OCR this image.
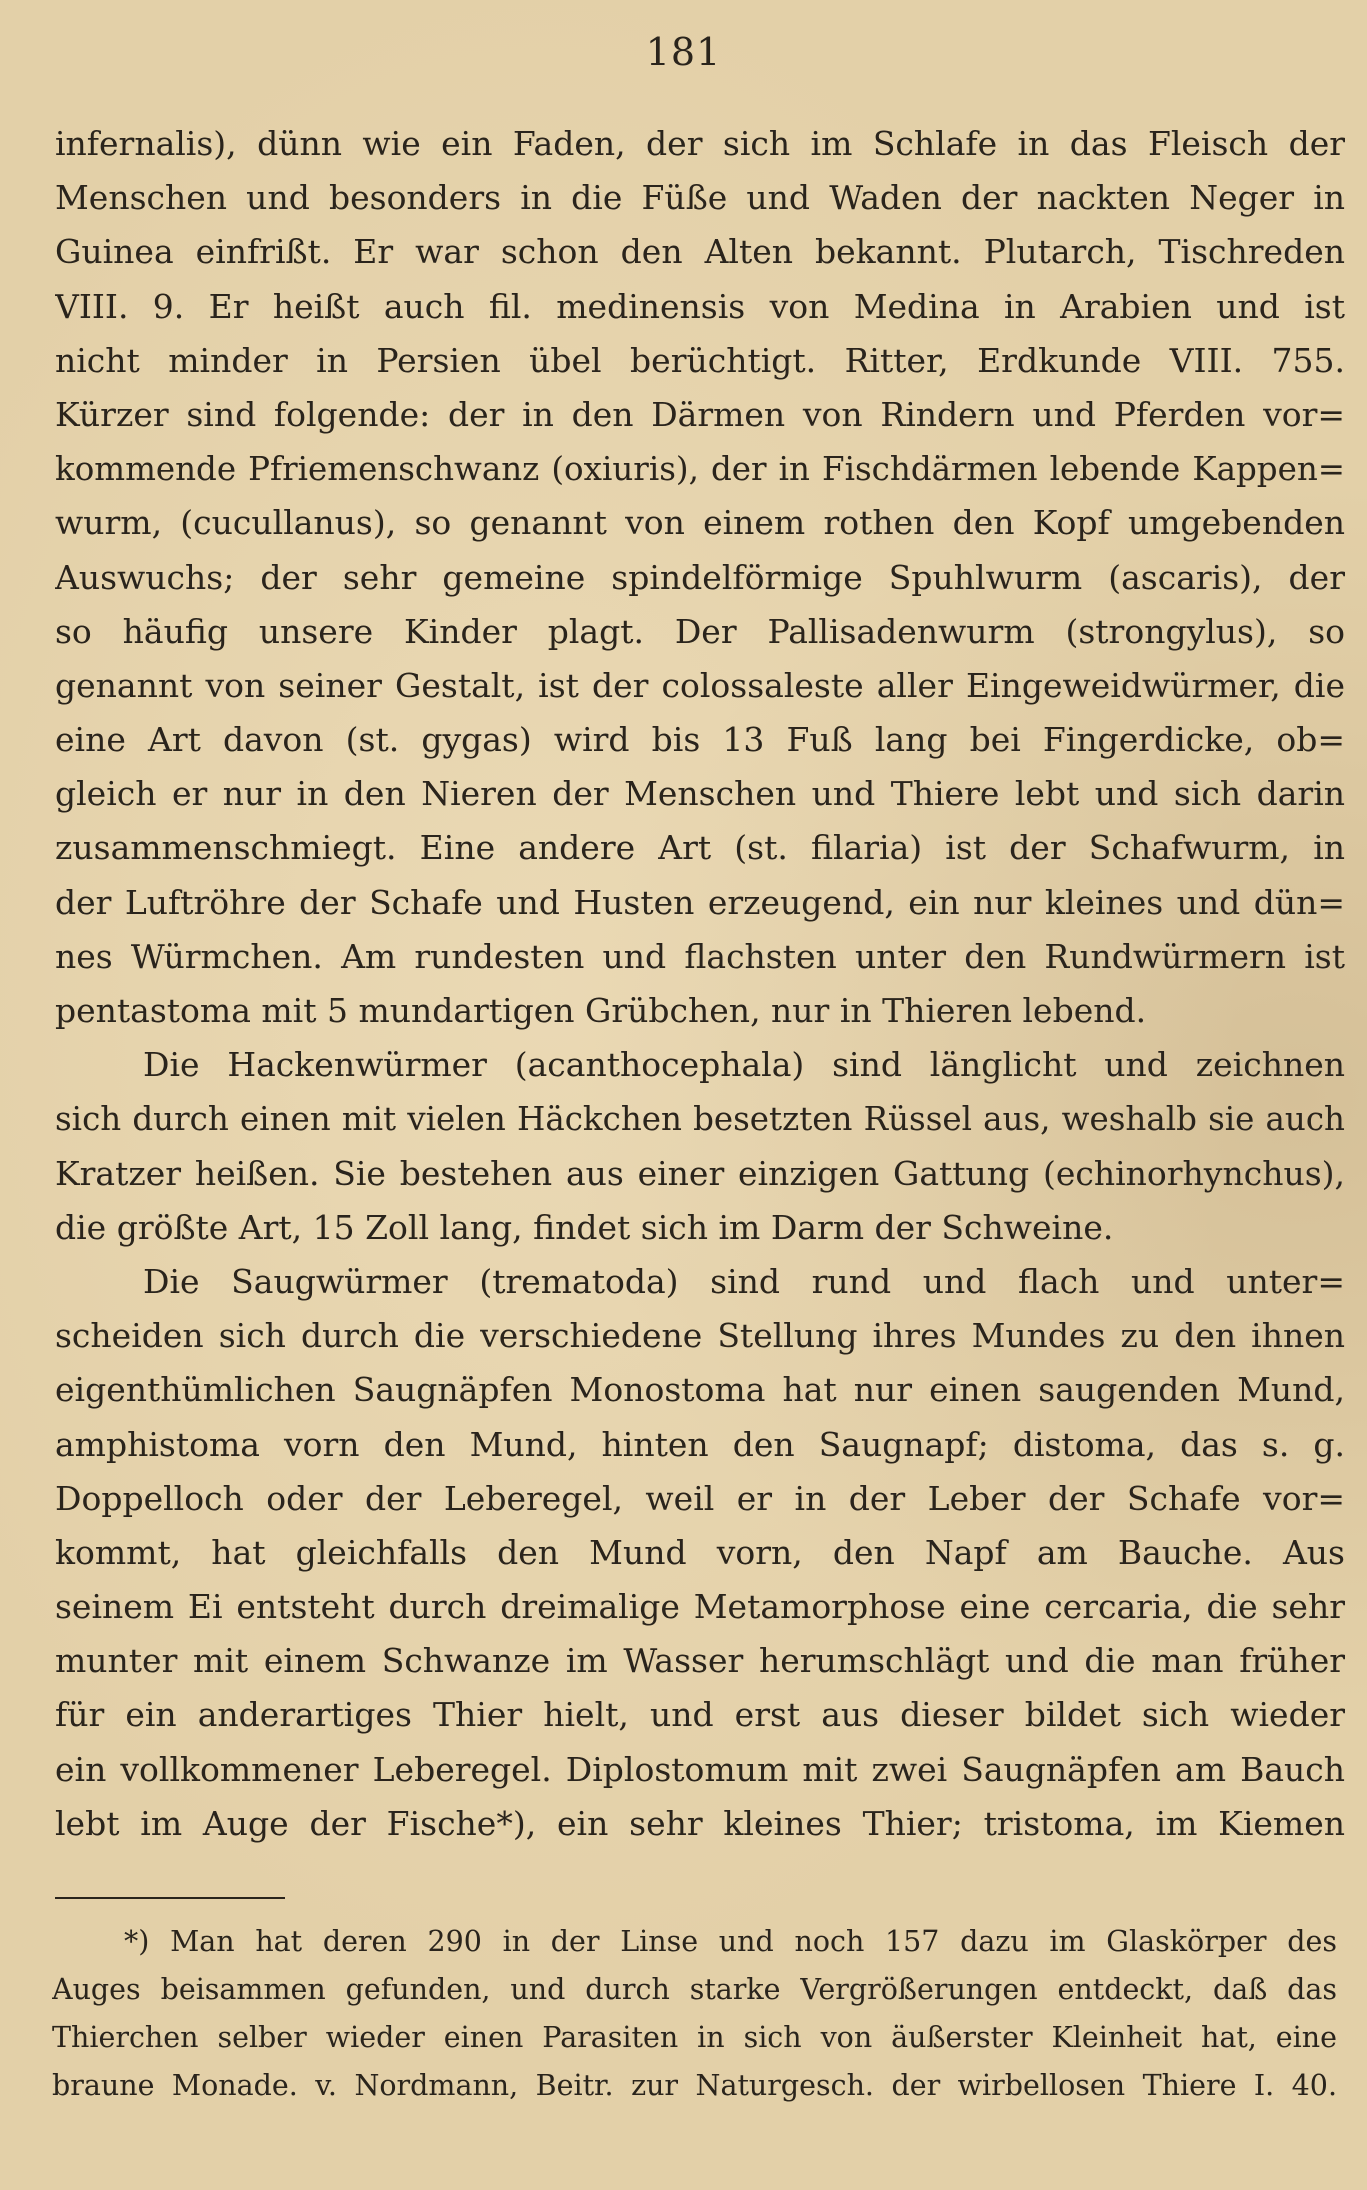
181
infernalis), dünn wie ein Faden, der sich im Schlafe in das Fleisch der
Menschen und besonders in die Füße und Waden der nackten Neger in
Guinea einfrißt. Er war schon den Alten bekannt. Plutarch, Tischreden
VIII. 9. Er heißt auch fil. medinensis von Medina in Arabien und ist
nicht minder in Persien übel berüchtigt. Ritter, Erdkunde VIII. 755.
Kürzer sind folgende: der in den Därmen von Rindern und Pferden vor=
kommende Pfriemenschwanz (oxiuris), der in Fischdärmen lebende Kappen=
wurm, (cucullanus), so genannt von einem rothen den Kopf umgebenden
Auswuchs; der sehr gemeine spindelförmige Spuhlwurm (ascaris), der
so häufig unsere Kinder plagt. Der Pallisadenwurm (strongylus), so
genannt von seiner Gestalt, ist der colossaleste aller Eingeweidwürmer, die
eine Art davon (st. gygas) wird bis 13 Fuß lang bei Fingerdicke, ob=
gleich er nur in den Nieren der Menschen und Thiere lebt und sich darin
zusammenschmiegt. Eine andere Art (st. filaria) ist der Schafwurm, in
der Luftröhre der Schafe und Husten erzeugend, ein nur kleines und dün=
nes Würmchen. Am rundesten und flachsten unter den Rundwürmern ist
pentastoma mit 5 mundartigen Grübchen, nur in Thieren lebend.
Die Hackenwürmer (acanthocephala) sind länglicht und zeichnen
sich durch einen mit vielen Häckchen besetzten Rüssel aus, weshalb sie auch
Kratzer heißen. Sie bestehen aus einer einzigen Gattung (echinorhynchus),
die größte Art, 15 Zoll lang, findet sich im Darm der Schweine.
Die Saugwürmer (trematoda) sind rund und flach und unter=
scheiden sich durch die verschiedene Stellung ihres Mundes zu den ihnen
eigenthümlichen Saugnäpfen Monostoma hat nur einen saugenden Mund,
amphistoma vorn den Mund, hinten den Saugnapf; distoma, das s. g.
Doppelloch oder der Leberegel, weil er in der Leber der Schafe vor=
kommt, hat gleichfalls den Mund vorn, den Napf am Bauche. Aus
seinem Ei entsteht durch dreimalige Metamorphose eine cercaria, die sehr
munter mit einem Schwanze im Wasser herumschlägt und die man früher
für ein anderartiges Thier hielt, und erst aus dieser bildet sich wieder
ein vollkommener Leberegel. Diplostomum mit zwei Saugnäpfen am Bauch
lebt im Auge der Fische*), ein sehr kleines Thier; tristoma, im Kiemen
*) Man hat deren 290 in der Linse und noch 157 dazu im Glaskörper des
Auges beisammen gefunden, und durch starke Vergrößerungen entdeckt, daß das
Thierchen selber wieder einen Parasiten in sich von äußerster Kleinheit hat, eine
braune Monade. v. Nordmann, Beitr. zur Naturgesch. der wirbellosen Thiere I. 40.
